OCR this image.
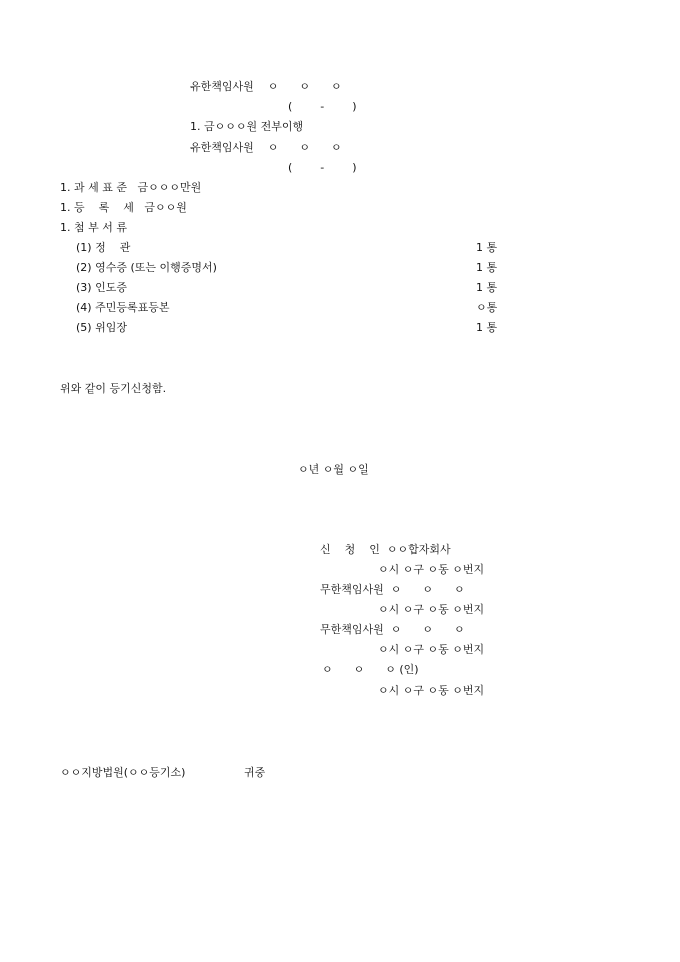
유한책임사원    ㅇ      ㅇ      ㅇ
(        -        )
1. 금ㅇㅇㅇ원 전부이행
유한책임사원    ㅇ      ㅇ      ㅇ
(        -        )
1. 과 세 표 준   금ㅇㅇㅇ만원
1. 등    록    세   금ㅇㅇ원
1. 첨 부 서 류
(1) 정    관	1 통
(2) 영수증 (또는 이행증명서)	1 통
(3) 인도증	1 통
(4) 주민등록표등본	ㅇ통
(5) 위임장	1 통
위와 같이 등기신청함.
ㅇ년 ㅇ월 ㅇ일
신    청    인  ㅇㅇ합자회사
ㅇ시 ㅇ구 ㅇ동 ㅇ번지
무한책임사원  ㅇ      ㅇ      ㅇ
ㅇ시 ㅇ구 ㅇ동 ㅇ번지
무한책임사원  ㅇ      ㅇ      ㅇ
ㅇ시 ㅇ구 ㅇ동 ㅇ번지
ㅇ      ㅇ      ㅇ (인)
ㅇ시 ㅇ구 ㅇ동 ㅇ번지
ㅇㅇ지방법원(ㅇㅇ등기소)	귀중
